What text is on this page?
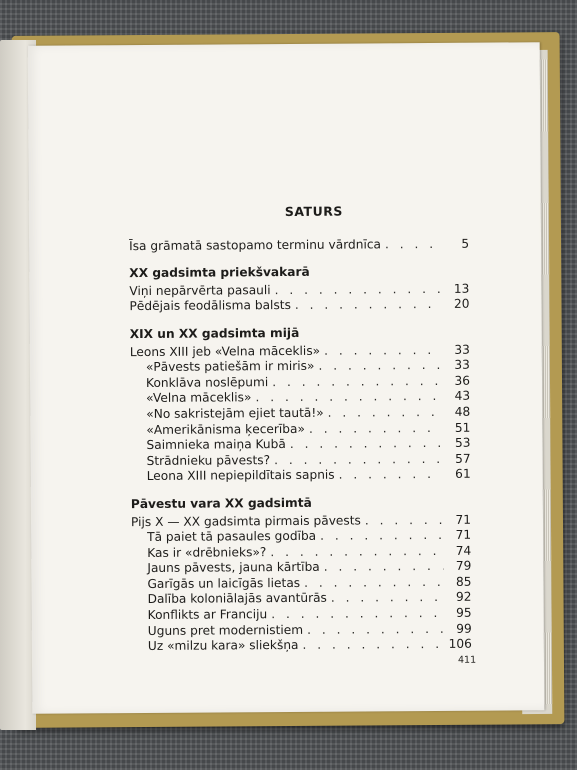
SATURS
Īsa grāmatā sastopamo terminu vārdnīca . . .	5
XX gadsimta priekšvakarā
Viņi nepārvērta pasauli . . .	13
Pēdējais feodālisma balsts . . .	20
XIX un XX gadsimta mijā
Leons XIII jeb «Velna māceklis» . . .	33
«Pāvests patiešām ir miris» . . .	33
Konklāva noslēpumi . . .	36
«Velna māceklis» . . .	43
«No sakristejām ejiet tautā!» . . .	48
«Amerikānisma ķecerība» . . .	51
Saimnieka maiņa Kubā . . .	53
Strādnieku pāvests? . . .	57
Leona XIII nepiepildītais sapnis . . .	61
Pāvestu vara XX gadsimtā
Pijs X — XX gadsimta pirmais pāvests . . .	71
Tā paiet tā pasaules godība . . .	71
Kas ir «drēbnieks»? . . .	74
Jauns pāvests, jauna kārtība . . .	79
Garīgās un laicīgās lietas . . .	85
Dalība koloniālajās avantūrās . . .	92
Konflikts ar Franciju . . .	95
Uguns pret modernistiem . . .	99
Uz «milzu kara» sliekšņa . . .	106
411
